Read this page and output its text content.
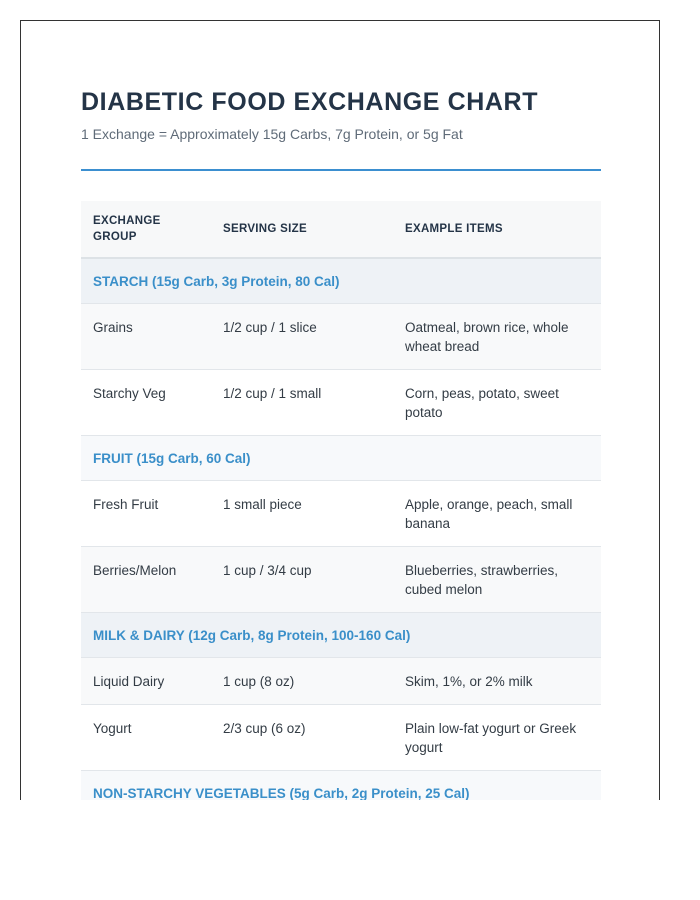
DIABETIC FOOD EXCHANGE CHART
1 Exchange = Approximately 15g Carbs, 7g Protein, or 5g Fat
EXCHANGE GROUP	SERVING SIZE	EXAMPLE ITEMS
STARCH (15g Carb, 3g Protein, 80 Cal)		
Grains	1/2 cup / 1 slice	Oatmeal, brown rice, whole wheat bread
Starchy Veg	1/2 cup / 1 small	Corn, peas, potato, sweet potato
FRUIT (15g Carb, 60 Cal)		
Fresh Fruit	1 small piece	Apple, orange, peach, small banana
Berries/Melon	1 cup / 3/4 cup	Blueberries, strawberries, cubed melon
MILK & DAIRY (12g Carb, 8g Protein, 100-160 Cal)		
Liquid Dairy	1 cup (8 oz)	Skim, 1%, or 2% milk
Yogurt	2/3 cup (6 oz)	Plain low-fat yogurt or Greek yogurt
NON-STARCHY VEGETABLES (5g Carb, 2g Protein, 25 Cal)		
